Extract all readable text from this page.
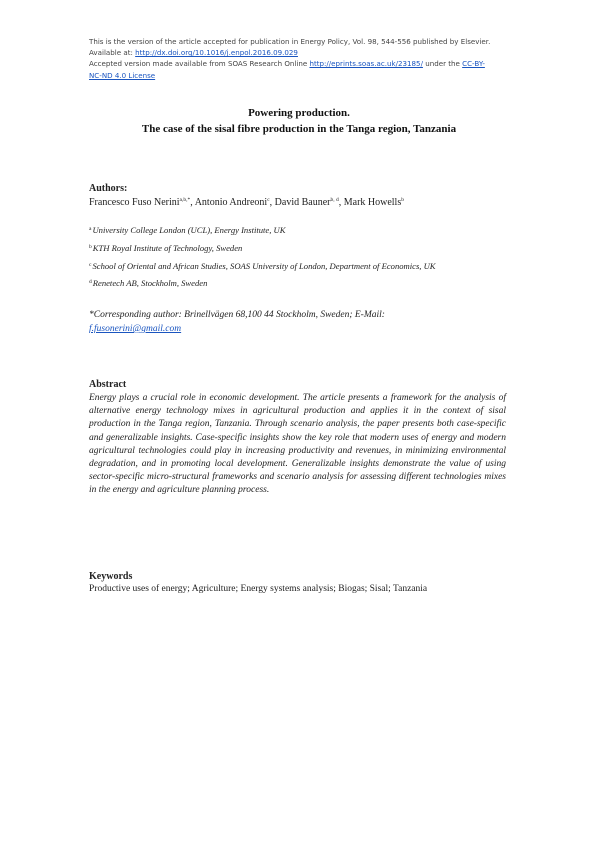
This is the version of the article accepted for publication in Energy Policy, Vol. 98, 544-556 published by Elsevier.
Available at: http://dx.doi.org/10.1016/j.enpol.2016.09.029
Accepted version made available from SOAS Research Online http://eprints.soas.ac.uk/23185/ under the CC-BY-
NC-ND 4.0 License
Powering production.
The case of the sisal fibre production in the Tanga region, Tanzania
Authors:
Francesco Fuso Nerini$^{a,b,*}$, Antonio Andreoni$^c$, David Bauner$^{b, d}$, Mark Howells$^b$
$^a$University College London (UCL), Energy Institute, UK
$^b$KTH Royal Institute of Technology, Sweden
$^c$School of Oriental and African Studies, SOAS University of London, Department of Economics, UK
$^d$Renetech AB, Stockholm, Sweden
*Corresponding author: Brinellvägen 68,100 44 Stockholm, Sweden; E-Mail:
f.fusonerini@gmail.com
Abstract
Energy plays a crucial role in economic development. The article presents a framework for the analysis of alternative energy technology mixes in agricultural production and applies it in the context of sisal production in the Tanga region, Tanzania. Through scenario analysis, the paper presents both case-specific and generalizable insights. Case-specific insights show the key role that modern uses of energy and modern agricultural technologies could play in increasing productivity and revenues, in minimizing environmental degradation, and in promoting local development. Generalizable insights demonstrate the value of using sector-specific micro-structural frameworks and scenario analysis for assessing different technologies mixes in the energy and agriculture planning process.
Keywords
Productive uses of energy; Agriculture; Energy systems analysis; Biogas; Sisal; Tanzania
